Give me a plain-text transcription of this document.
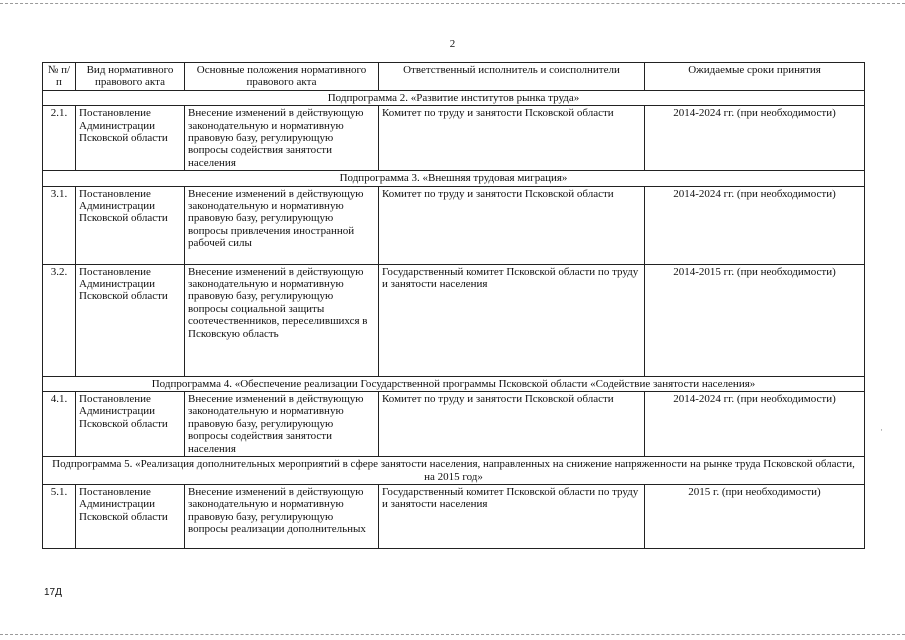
2
№ п/п	Вид нормативного правового акта	Основные положения нормативного правового акта	Ответственный исполнитель и соисполнители	Ожидаемые сроки принятия
Подпрограмма 2. «Развитие институтов рынка труда»				
2.1.	Постановление Администрации Псковской области	Внесение изменений в действующую законодательную и нормативную правовую базу, регулирующую вопросы содействия занятости населения	Комитет по труду и занятости Псковской области	2014-2024 гг. (при необходимости)
Подпрограмма 3. «Внешняя трудовая миграция»				
3.1.	Постановление Администрации Псковской области	Внесение изменений в действующую законодательную и нормативную правовую базу, регулирующую вопросы привлечения иностранной рабочей силы	Комитет по труду и занятости Псковской области	2014-2024 гг. (при необходимости)
3.2.	Постановление Администрации Псковской области	Внесение изменений в действующую законодательную и нормативную правовую базу, регулирующую вопросы социальной защиты соотечественников, переселившихся в Псковскую область	Государственный комитет Псковской области по труду и занятости населения	2014-2015 гг. (при необходимости)
Подпрограмма 4. «Обеспечение реализации Государственной программы Псковской области «Содействие занятости населения»				
4.1.	Постановление Администрации Псковской области	Внесение изменений в действующую законодательную и нормативную правовую базу, регулирующую вопросы содействия занятости населения	Комитет по труду и занятости Псковской области	2014-2024 гг. (при необходимости)
Подпрограмма 5. «Реализация дополнительных мероприятий в сфере занятости населения, направленных на снижение напряженности на рынке труда Псковской области, на 2015 год»				
5.1.	Постановление Администрации Псковской области	Внесение изменений в действующую законодательную и нормативную правовую базу, регулирующую вопросы реализации дополнительных	Государственный комитет Псковской области по труду и занятости населения	2015 г. (при необходимости)
·
17Д
